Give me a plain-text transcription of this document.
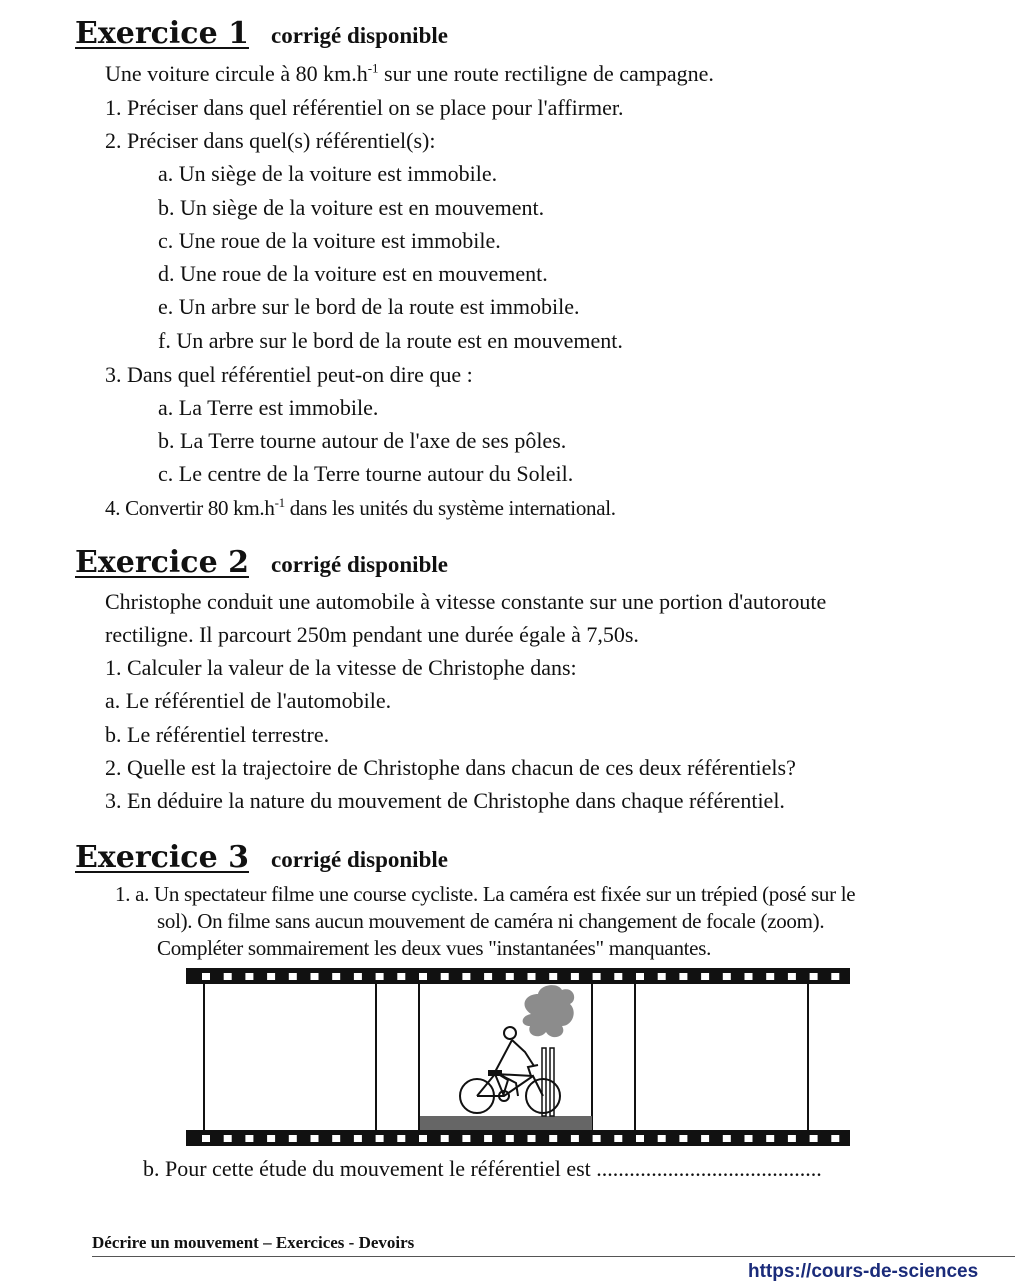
Exercice 1 corrigé disponible

Une voiture circule à 80 $km.h^{-1}$ sur une route rectiligne de campagne.

1. Préciser dans quel référentiel on se place pour l'affirmer.

2. Préciser dans quel(s) référentiel(s):

a. Un siège de la voiture est immobile.

b. Un siège de la voiture est en mouvement.

c. Une roue de la voiture est immobile.

d. Une roue de la voiture est en mouvement.

e. Un arbre sur le bord de la route est immobile.

f. Un arbre sur le bord de la route est en mouvement.

3. Dans quel référentiel peut-on dire que :

a. La Terre est immobile.

b. La Terre tourne autour de l'axe de ses pôles.

c. Le centre de la Terre tourne autour du Soleil.

4. Convertir 80 $km.h^{-1}$ dans les unités du système international.

Exercice 2 corrigé disponible

Christophe conduit une automobile à vitesse constante sur une portion d'autoroute

rectiligne. Il parcourt 250m pendant une durée égale à 7,50s.

1. Calculer la valeur de la vitesse de Christophe dans:

a. Le référentiel de l'automobile.

b. Le référentiel terrestre.

2. Quelle est la trajectoire de Christophe dans chacun de ces deux référentiels?

3. En déduire la nature du mouvement de Christophe dans chaque référentiel.

Exercice 3 corrigé disponible

1. a. Un spectateur filme une course cycliste. La caméra est fixée sur un trépied (posé sur le

sol). On filme sans aucun mouvement de caméra ni changement de focale (zoom).

Compléter sommairement les deux vues "instantanées" manquantes.

b. Pour cette étude du mouvement le référentiel est .........................................

Décrire un mouvement – Exercices - Devoirs

https://cours-de-sciences
